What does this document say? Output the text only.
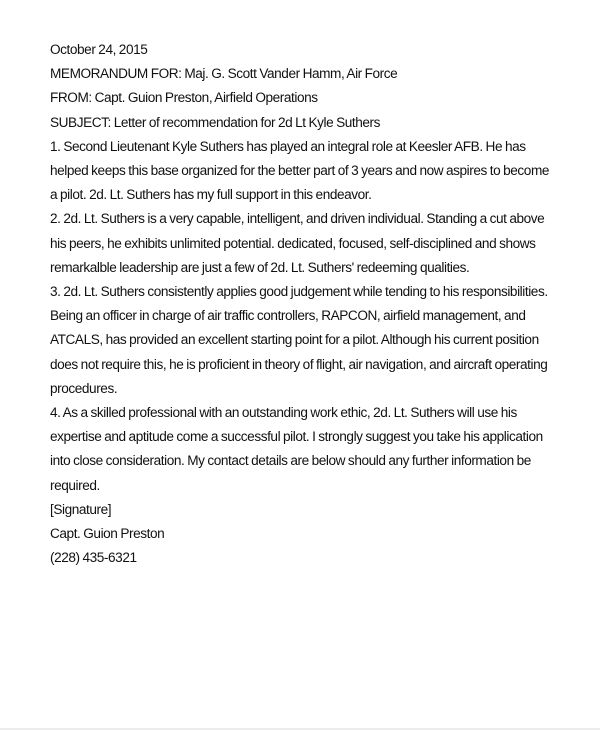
October 24, 2015

MEMORANDUM FOR: Maj. G. Scott Vander Hamm, Air Force

FROM: Capt. Guion Preston, Airfield Operations

SUBJECT: Letter of recommendation for 2d Lt Kyle Suthers

1. Second Lieutenant Kyle Suthers has played an integral role at Keesler AFB. He has helped keeps this base organized for the better part of 3 years and now aspires to become a pilot. 2d. Lt. Suthers has my full support in this endeavor.

2. 2d. Lt. Suthers is a very capable, intelligent, and driven individual. Standing a cut above his peers, he exhibits unlimited potential. dedicated, focused, self-disciplined and shows remarkalble leadership are just a few of 2d. Lt. Suthers' redeeming qualities.

3. 2d. Lt. Suthers consistently applies good judgement while tending to his responsibilities. Being an officer in charge of air traffic controllers, RAPCON, airfield management, and ATCALS, has provided an excellent starting point for a pilot. Although his current position does not require this, he is proficient in theory of flight, air navigation, and aircraft operating procedures.

4. As a skilled professional with an outstanding work ethic, 2d. Lt. Suthers will use his expertise and aptitude come a successful pilot. I strongly suggest you take his application into close consideration. My contact details are below should any further information be required.

[Signature]

Capt. Guion Preston

(228) 435-6321
